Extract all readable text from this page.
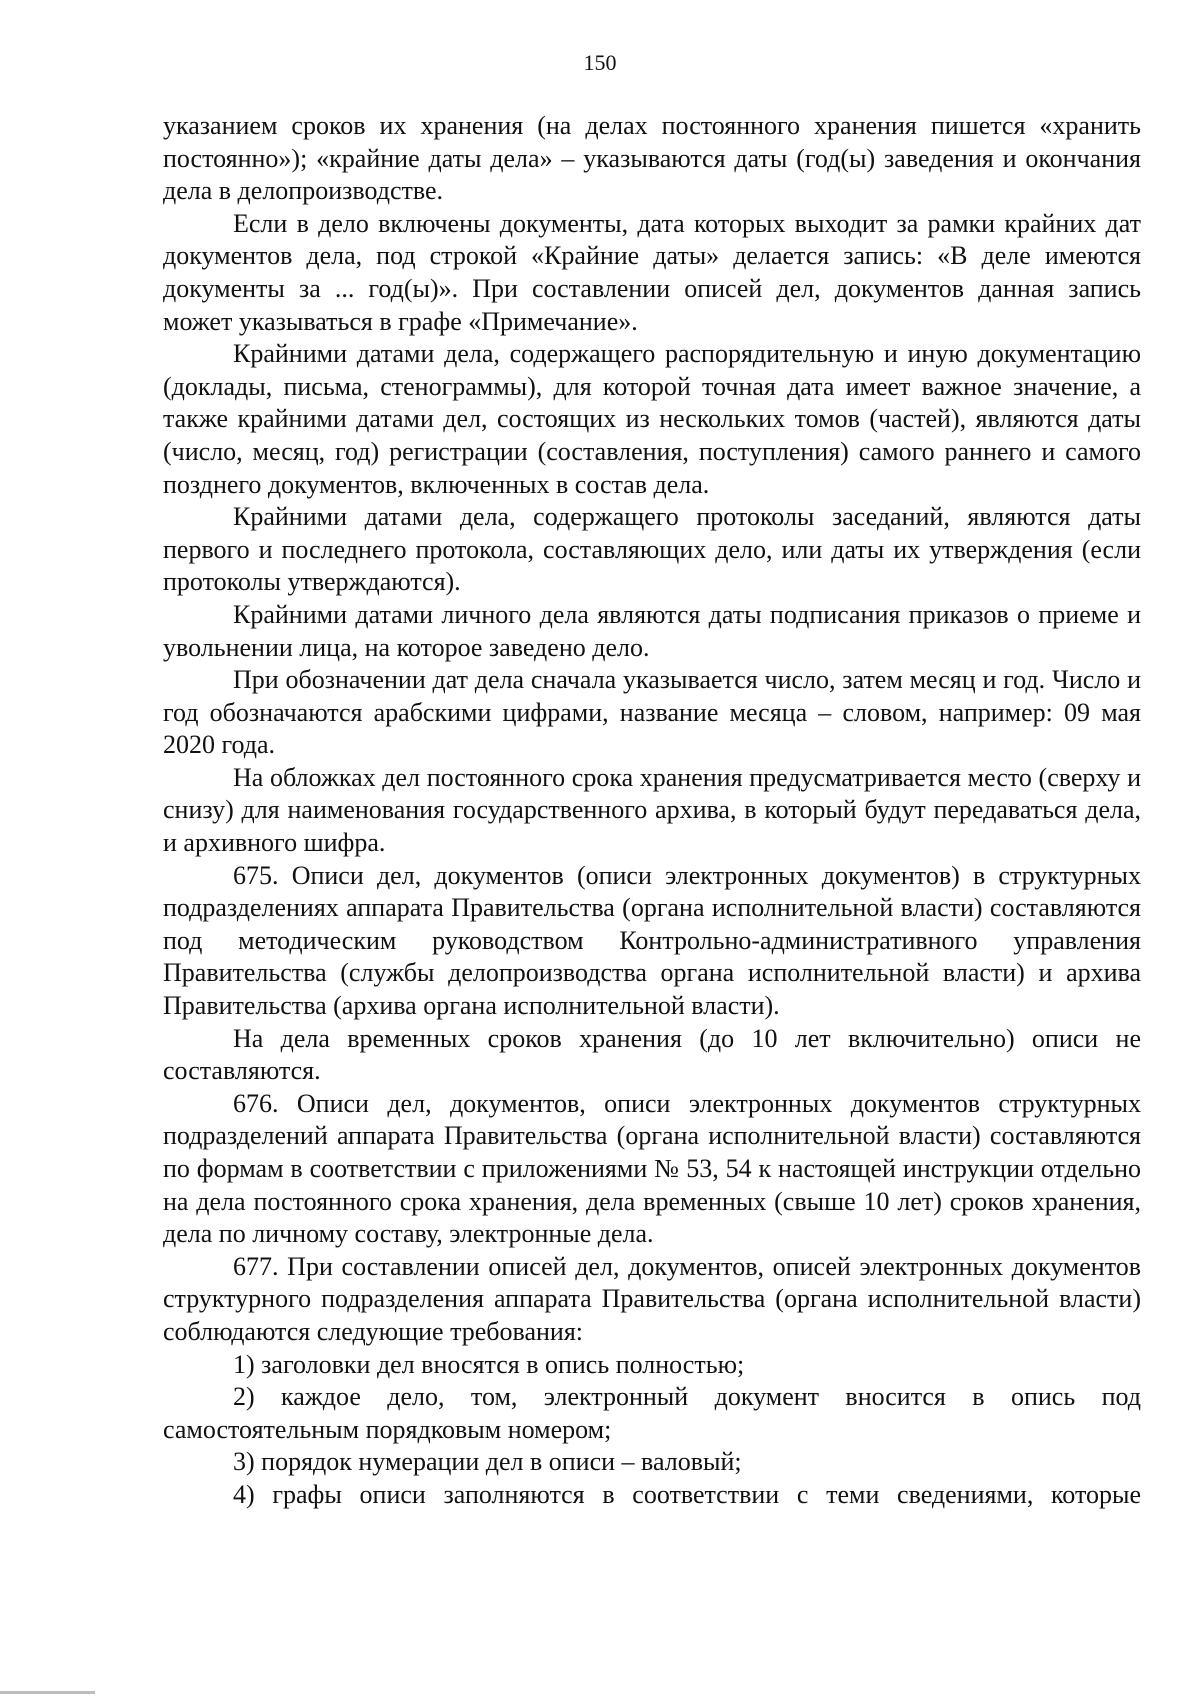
150

указанием сроков их хранения (на делах постоянного хранения пишется «хранить постоянно»); «крайние даты дела» – указываются даты (год(ы) заведения и окончания дела в делопроизводстве.

Если в дело включены документы, дата которых выходит за рамки крайних дат документов дела, под строкой «Крайние даты» делается запись: «В деле имеются документы за ... год(ы)». При составлении описей дел, документов данная запись может указываться в графе «Примечание».

Крайними датами дела, содержащего распорядительную и иную документацию (доклады, письма, стенограммы), для которой точная дата имеет важное значение, а также крайними датами дел, состоящих из нескольких томов (частей), являются даты (число, месяц, год) регистрации (составления, поступления) самого раннего и самого позднего документов, включенных в состав дела.

Крайними датами дела, содержащего протоколы заседаний, являются даты первого и последнего протокола, составляющих дело, или даты их утверждения (если протоколы утверждаются).

Крайними датами личного дела являются даты подписания приказов о приеме и увольнении лица, на которое заведено дело.

При обозначении дат дела сначала указывается число, затем месяц и год. Число и год обозначаются арабскими цифрами, название месяца – словом, например: 09 мая 2020 года.

На обложках дел постоянного срока хранения предусматривается место (сверху и снизу) для наименования государственного архива, в который будут передаваться дела, и архивного шифра.

675. Описи дел, документов (описи электронных документов) в структурных подразделениях аппарата Правительства (органа исполнительной власти) составляются под методическим руководством Контрольно-административного управления Правительства (службы делопроизводства органа исполнительной власти) и архива Правительства (архива органа исполнительной власти).

На дела временных сроков хранения (до 10 лет включительно) описи не составляются.

676. Описи дел, документов, описи электронных документов структурных подразделений аппарата Правительства (органа исполнительной власти) составляются по формам в соответствии с приложениями № 53, 54 к настоящей инструкции отдельно на дела постоянного срока хранения, дела временных (свыше 10 лет) сроков хранения, дела по личному составу, электронные дела.

677. При составлении описей дел, документов, описей электронных документов структурного подразделения аппарата Правительства (органа исполнительной власти) соблюдаются следующие требования:

1) заголовки дел вносятся в опись полностью;

2) каждое дело, том, электронный документ вносится в опись под самостоятельным порядковым номером;

3) порядок нумерации дел в описи – валовый;

4) графы описи заполняются в соответствии с теми сведениями, которые
